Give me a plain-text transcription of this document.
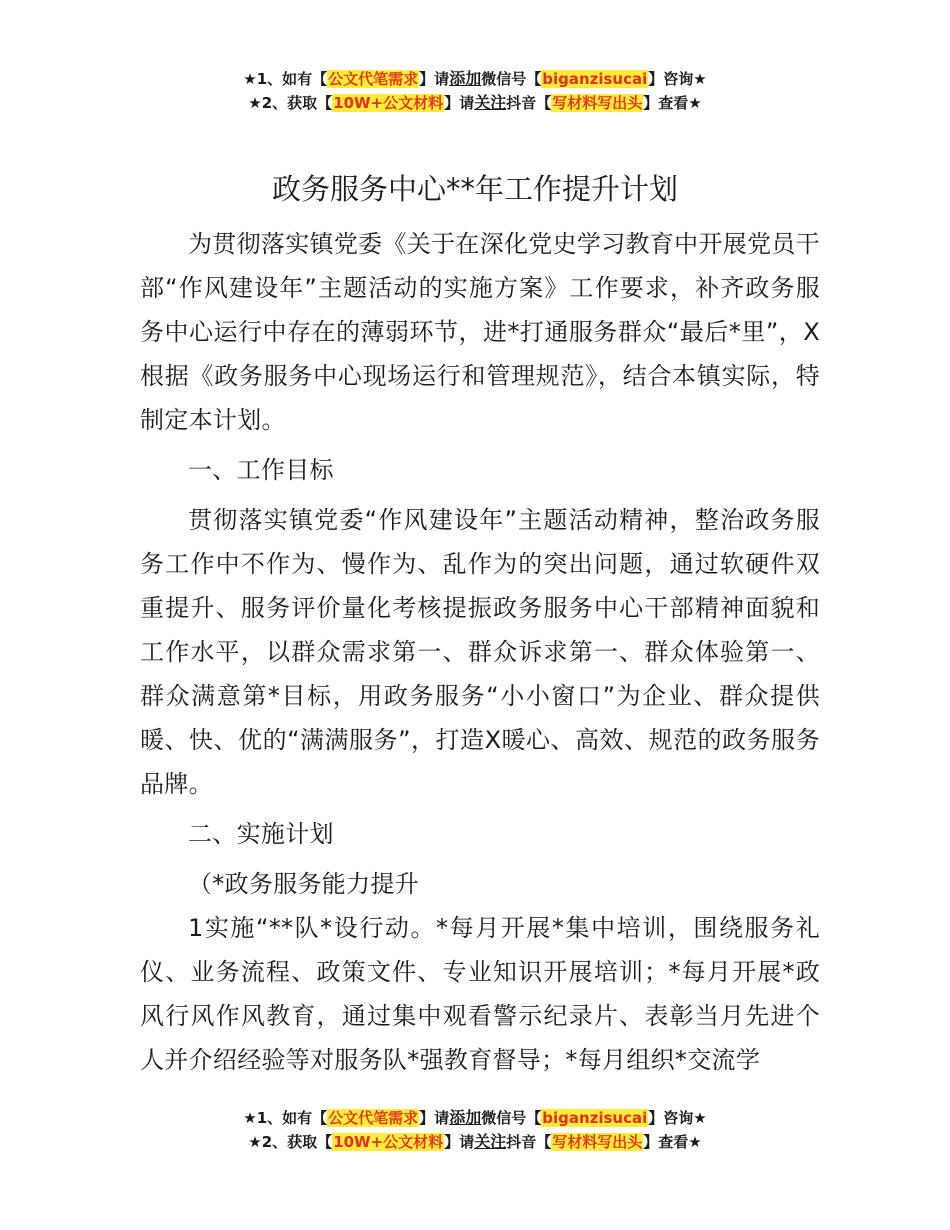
★1、如有【公文代笔需求】请添加微信号【biganzisucai】咨询★
★2、获取【10W+公文材料】请关注抖音【写材料写出头】查看★
政务服务中心**年工作提升计划

为贯彻落实镇党委《关于在深化党史学习教育中开展党员干部“作风建设年”主题活动的实施方案》工作要求，补齐政务服务中心运行中存在的薄弱环节，进*打通服务群众“最后*里”，X根据《政务服务中心现场运行和管理规范》，结合本镇实际，特制定本计划。

一、工作目标

贯彻落实镇党委“作风建设年”主题活动精神，整治政务服务工作中不作为、慢作为、乱作为的突出问题，通过软硬件双重提升、服务评价量化考核提振政务服务中心干部精神面貌和工作水平，以群众需求第一、群众诉求第一、群众体验第一、群众满意第*目标，用政务服务“小小窗口”为企业、群众提供暖、快、优的“满满服务”，打造X暖心、高效、规范的政务服务品牌。

二、实施计划

（*政务服务能力提升

1实施“**队*设行动。*每月开展*集中培训，围绕服务礼仪、业务流程、政策文件、专业知识开展培训；*每月开展*政风行风作风教育，通过集中观看警示纪录片、表彰当月先进个人并介绍经验等对服务队*强教育督导；*每月组织*交流学

★1、如有【公文代笔需求】请添加微信号【biganzisucai】咨询★
★2、获取【10W+公文材料】请关注抖音【写材料写出头】查看★
